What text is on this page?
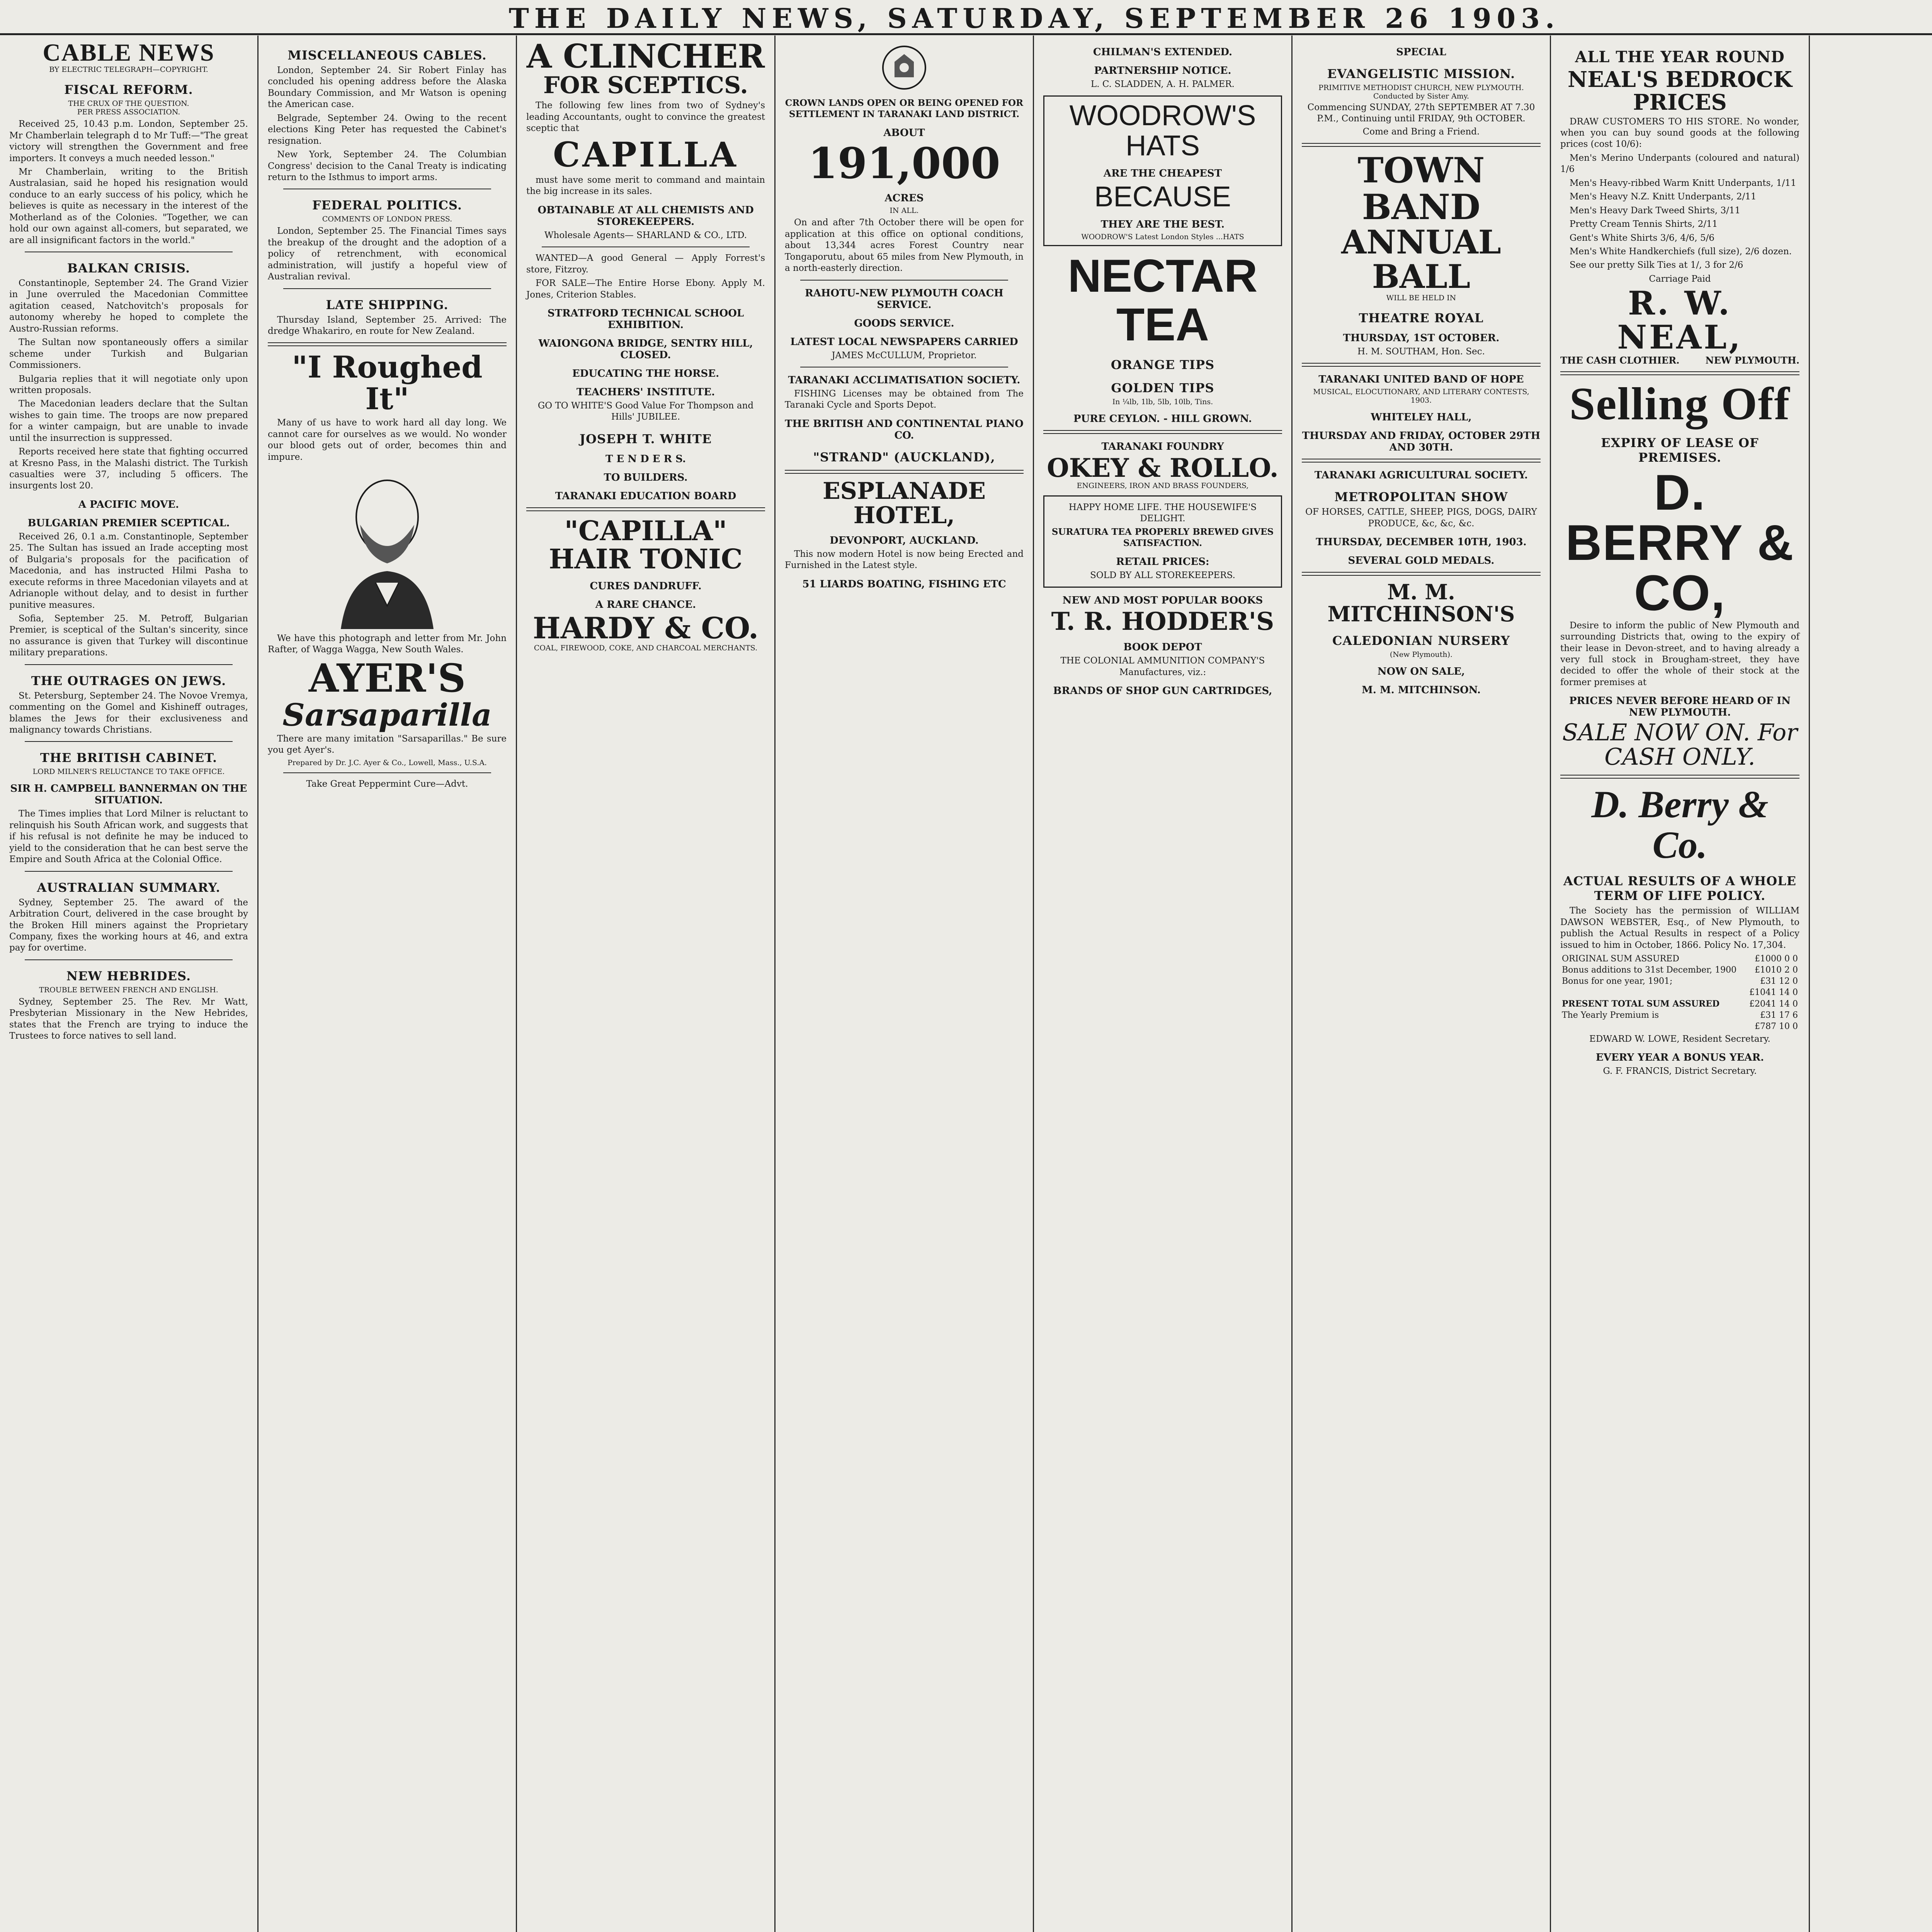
THE DAILY NEWS, SATURDAY, SEPTEMBER 26 1903.
CABLE NEWS
BY ELECTRIC TELEGRAPH—COPYRIGHT.
FISCAL REFORM.
THE CRUX OF THE QUESTION.
PER PRESS ASSOCIATION.

Received 25, 10.43 p.m. London, September 25. Mr Chamberlain telegraph d to Mr Tuff:—"The great victory will strengthen the Government and free importers. It conveys a much needed lesson."

Mr Chamberlain, writing to the British Australasian, said he hoped his resignation would conduce to an early success of his policy, which he believes is quite as necessary in the interest of the Motherland as of the Colonies. "Together, we can hold our own against all-comers, but separated, we are all insignificant factors in the world."

BALKAN CRISIS.

Constantinople, September 24. The Grand Vizier in June overruled the Macedonian Committee agitation ceased, Natchovitch's proposals for autonomy whereby he hoped to complete the Austro-Russian reforms.

The Sultan now spontaneously offers a similar scheme under Turkish and Bulgarian Commissioners.

Bulgaria replies that it will negotiate only upon written proposals.

The Macedonian leaders declare that the Sultan wishes to gain time. The troops are now prepared for a winter campaign, but are unable to invade until the insurrection is suppressed.

Reports received here state that fighting occurred at Kresno Pass, in the Malashi district. The Turkish casualties were 37, including 5 officers. The insurgents lost 20.

A PACIFIC MOVE.
BULGARIAN PREMIER SCEPTICAL.

Received 26, 0.1 a.m. Constantinople, September 25. The Sultan has issued an Irade accepting most of Bulgaria's proposals for the pacification of Macedonia, and has instructed Hilmi Pasha to execute reforms in three Macedonian vilayets and at Adrianople without delay, and to desist in further punitive measures.

Sofia, September 25. M. Petroff, Bulgarian Premier, is sceptical of the Sultan's sincerity, since no assurance is given that Turkey will discontinue military preparations.

THE OUTRAGES ON JEWS.

St. Petersburg, September 24. The Novoe Vremya, commenting on the Gomel and Kishineff outrages, blames the Jews for their exclusiveness and malignancy towards Christians.

THE BRITISH CABINET.
LORD MILNER'S RELUCTANCE TO TAKE OFFICE.
SIR H. CAMPBELL BANNERMAN ON THE SITUATION.

The Times implies that Lord Milner is reluctant to relinquish his South African work, and suggests that if his refusal is not definite he may be induced to yield to the consideration that he can best serve the Empire and South Africa at the Colonial Office.

AUSTRALIAN SUMMARY.

Sydney, September 25. The award of the Arbitration Court, delivered in the case brought by the Broken Hill miners against the Proprietary Company, fixes the working hours at 46, and extra pay for overtime.

NEW HEBRIDES.
TROUBLE BETWEEN FRENCH AND ENGLISH.

Sydney, September 25. The Rev. Mr Watt, Presbyterian Missionary in the New Hebrides, states that the French are trying to induce the Trustees to force natives to sell land.

MISCELLANEOUS CABLES.

London, September 24. Sir Robert Finlay has concluded his opening address before the Alaska Boundary Commission, and Mr Watson is opening the American case.

Belgrade, September 24. Owing to the recent elections King Peter has requested the Cabinet's resignation.

New York, September 24. The Columbian Congress' decision to the Canal Treaty is indicating return to the Isthmus to import arms.

FEDERAL POLITICS.
COMMENTS OF LONDON PRESS.

London, September 25. The Financial Times says the breakup of the drought and the adoption of a policy of retrenchment, with economical administration, will justify a hopeful view of Australian revival.

LATE SHIPPING.

Thursday Island, September 25. Arrived: The dredge Whakariro, en route for New Zealand.

"I Roughed It"

Many of us have to work hard all day long. We cannot care for ourselves as we would. No wonder our blood gets out of order, becomes thin and impure.

We have this photograph and letter from Mr. John Rafter, of Wagga Wagga, New South Wales.

AYER'S
Sarsaparilla

There are many imitation "Sarsaparillas." Be sure you get Ayer's.

Prepared by Dr. J.C. Ayer & Co., Lowell, Mass., U.S.A.

Take Great Peppermint Cure—Advt.

A CLINCHER
FOR SCEPTICS.

The following few lines from two of Sydney's leading Accountants, ought to convince the greatest sceptic that

CAPILLA

must have some merit to command and maintain the big increase in its sales.

OBTAINABLE AT ALL CHEMISTS AND STOREKEEPERS.

Wholesale Agents— SHARLAND & CO., LTD.

WANTED—A good General — Apply Forrest's store, Fitzroy.

FOR SALE—The Entire Horse Ebony. Apply M. Jones, Criterion Stables.

STRATFORD TECHNICAL SCHOOL EXHIBITION.
WAIONGONA BRIDGE, SENTRY HILL, CLOSED.
EDUCATING THE HORSE.
TEACHERS' INSTITUTE.

GO TO WHITE'S Good Value For Thompson and Hills' JUBILEE.

JOSEPH T. WHITE
T E N D E R S.
TO BUILDERS.
TARANAKI EDUCATION BOARD
"CAPILLA"
HAIR TONIC
CURES DANDRUFF.
A RARE CHANCE.
HARDY & CO.
COAL, FIREWOOD, COKE, AND CHARCOAL MERCHANTS.

CROWN LANDS OPEN OR BEING OPENED FOR SETTLEMENT IN TARANAKI LAND DISTRICT.

ABOUT
191,000
ACRES
IN ALL.

On and after 7th October there will be open for application at this office on optional conditions, about 13,344 acres Forest Country near Tongaporutu, about 65 miles from New Plymouth, in a north-easterly direction.

RAHOTU-NEW PLYMOUTH COACH SERVICE.
GOODS SERVICE.
LATEST LOCAL NEWSPAPERS CARRIED

JAMES McCULLUM, Proprietor.

TARANAKI ACCLIMATISATION SOCIETY.

FISHING Licenses may be obtained from The Taranaki Cycle and Sports Depot.

THE BRITISH AND CONTINENTAL PIANO CO.
"STRAND" (AUCKLAND),
ESPLANADE HOTEL,
DEVONPORT, AUCKLAND.

This now modern Hotel is now being Erected and Furnished in the Latest style.

51 LIARDS BOATING, FISHING ETC
CHILMAN'S EXTENDED.
PARTNERSHIP NOTICE.

L. C. SLADDEN, A. H. PALMER.

WOODROW'S
HATS
ARE THE CHEAPEST
BECAUSE
THEY ARE THE BEST.
WOODROW'S Latest London Styles ...HATS
NECTAR
TEA
ORANGE TIPS
GOLDEN TIPS
In ¼lb, 1lb, 5lb, 10lb, Tins.
PURE CEYLON. - HILL GROWN.
TARANAKI FOUNDRY
OKEY & ROLLO.
ENGINEERS, IRON AND BRASS FOUNDERS,

HAPPY HOME LIFE. THE HOUSEWIFE'S DELIGHT.

SURATURA TEA PROPERLY BREWED GIVES SATISFACTION.

RETAIL PRICES:

SOLD BY ALL STOREKEEPERS.

NEW AND MOST POPULAR BOOKS
T. R. HODDER'S
BOOK DEPOT

THE COLONIAL AMMUNITION COMPANY'S Manufactures, viz.:

BRANDS OF SHOP GUN CARTRIDGES,
SPECIAL
EVANGELISTIC MISSION.
PRIMITIVE METHODIST CHURCH, NEW PLYMOUTH.
Conducted by Sister Amy.

Commencing SUNDAY, 27th SEPTEMBER AT 7.30 P.M., Continuing until FRIDAY, 9th OCTOBER.

Come and Bring a Friend.

TOWN BAND
ANNUAL BALL
WILL BE HELD IN
THEATRE ROYAL
THURSDAY, 1ST OCTOBER.

H. M. SOUTHAM, Hon. Sec.

TARANAKI UNITED BAND OF HOPE
MUSICAL, ELOCUTIONARY, AND LITERARY CONTESTS, 1903.
WHITELEY HALL,
THURSDAY AND FRIDAY, OCTOBER 29TH AND 30TH.
TARANAKI AGRICULTURAL SOCIETY.
METROPOLITAN SHOW

OF HORSES, CATTLE, SHEEP, PIGS, DOGS, DAIRY PRODUCE, &c, &c, &c.

THURSDAY, DECEMBER 10TH, 1903.
SEVERAL GOLD MEDALS.
M. M. MITCHINSON'S
CALEDONIAN NURSERY
(New Plymouth).
NOW ON SALE,
M. M. MITCHINSON.
ALL THE YEAR ROUND
NEAL'S BEDROCK PRICES

DRAW CUSTOMERS TO HIS STORE. No wonder, when you can buy sound goods at the following prices (cost 10/6):

Men's Merino Underpants (coloured and natural) 1/6

Men's Heavy-ribbed Warm Knitt Underpants, 1/11

Men's Heavy N.Z. Knitt Underpants, 2/11

Men's Heavy Dark Tweed Shirts, 3/11

Pretty Cream Tennis Shirts, 2/11

Gent's White Shirts 3/6, 4/6, 5/6

Men's White Handkerchiefs (full size), 2/6 dozen.

See our pretty Silk Ties at 1/, 3 for 2/6

Carriage Paid

R. W. NEAL,
THE CASH CLOTHIER.	NEW PLYMOUTH.
Selling Off
EXPIRY OF LEASE OF PREMISES.
D. BERRY & CO,

Desire to inform the public of New Plymouth and surrounding Districts that, owing to the expiry of their lease in Devon-street, and to having already a very full stock in Brougham-street, they have decided to offer the whole of their stock at the former premises at

PRICES NEVER BEFORE HEARD OF IN NEW PLYMOUTH.
SALE NOW ON. For CASH ONLY.
D. Berry & Co.
ACTUAL RESULTS OF A WHOLE TERM OF LIFE POLICY.

The Society has the permission of WILLIAM DAWSON WEBSTER, Esq., of New Plymouth, to publish the Actual Results in respect of a Policy issued to him in October, 1866. Policy No. 17,304.

ORIGINAL SUM ASSURED	£1000 0 0
Bonus additions to 31st December, 1900	£1010 2 0
Bonus for one year, 1901;	£31 12 0
	£1041 14 0
PRESENT TOTAL SUM ASSURED	£2041 14 0
The Yearly Premium is	£31 17 6
	£787 10 0

EDWARD W. LOWE, Resident Secretary.

EVERY YEAR A BONUS YEAR.

G. F. FRANCIS, District Secretary.
